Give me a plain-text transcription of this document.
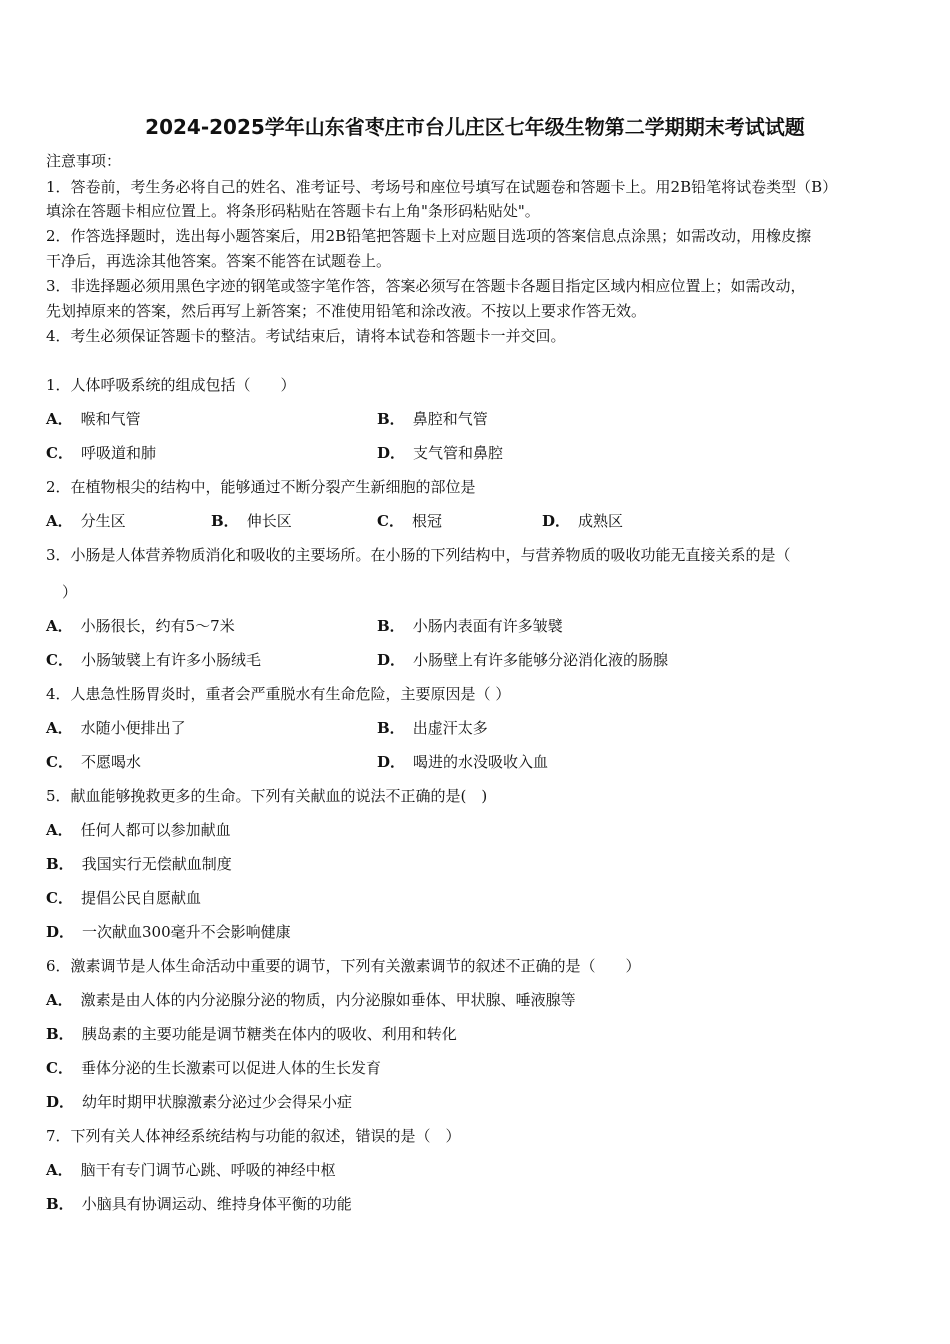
2024-2025学年山东省枣庄市台儿庄区七年级生物第二学期期末考试试题
注意事项：
1．答卷前，考生务必将自己的姓名、准考证号、考场号和座位号填写在试题卷和答题卡上。用2B铅笔将试卷类型（B）
填涂在答题卡相应位置上。将条形码粘贴在答题卡右上角"条形码粘贴处"。
2．作答选择题时，选出每小题答案后，用2B铅笔把答题卡上对应题目选项的答案信息点涂黑；如需改动，用橡皮擦
干净后，再选涂其他答案。答案不能答在试题卷上。
3．非选择题必须用黑色字迹的钢笔或签字笔作答，答案必须写在答题卡各题目指定区域内相应位置上；如需改动，
先划掉原来的答案，然后再写上新答案；不准使用铅笔和涂改液。不按以上要求作答无效。
4．考生必须保证答题卡的整洁。考试结束后，请将本试卷和答题卡一并交回。
1．人体呼吸系统的组成包括（　　）
A． 喉和气管	B． 鼻腔和气管
C． 呼吸道和肺	D． 支气管和鼻腔
2．在植物根尖的结构中，能够通过不断分裂产生新细胞的部位是
A． 分生区	B． 伸长区	C． 根冠	D． 成熟区
3．小肠是人体营养物质消化和吸收的主要场所。在小肠的下列结构中，与营养物质的吸收功能无直接关系的是（
）
A． 小肠很长，约有5～7米	B． 小肠内表面有许多皱襞
C． 小肠皱襞上有许多小肠绒毛	D． 小肠壁上有许多能够分泌消化液的肠腺
4．人患急性肠胃炎时，重者会严重脱水有生命危险，主要原因是（ ）
A． 水随小便排出了	B． 出虚汗太多
C． 不愿喝水	D． 喝进的水没吸收入血
5．献血能够挽救更多的生命。下列有关献血的说法不正确的是(　)
A． 任何人都可以参加献血
B． 我国实行无偿献血制度
C． 提倡公民自愿献血
D． 一次献血300毫升不会影响健康
6．激素调节是人体生命活动中重要的调节，下列有关激素调节的叙述不正确的是（　　）
A． 激素是由人体的内分泌腺分泌的物质，内分泌腺如垂体、甲状腺、唾液腺等
B． 胰岛素的主要功能是调节糖类在体内的吸收、利用和转化
C． 垂体分泌的生长激素可以促进人体的生长发育
D． 幼年时期甲状腺激素分泌过少会得呆小症
7．下列有关人体神经系统结构与功能的叙述，错误的是（　）
A． 脑干有专门调节心跳、呼吸的神经中枢
B． 小脑具有协调运动、维持身体平衡的功能
